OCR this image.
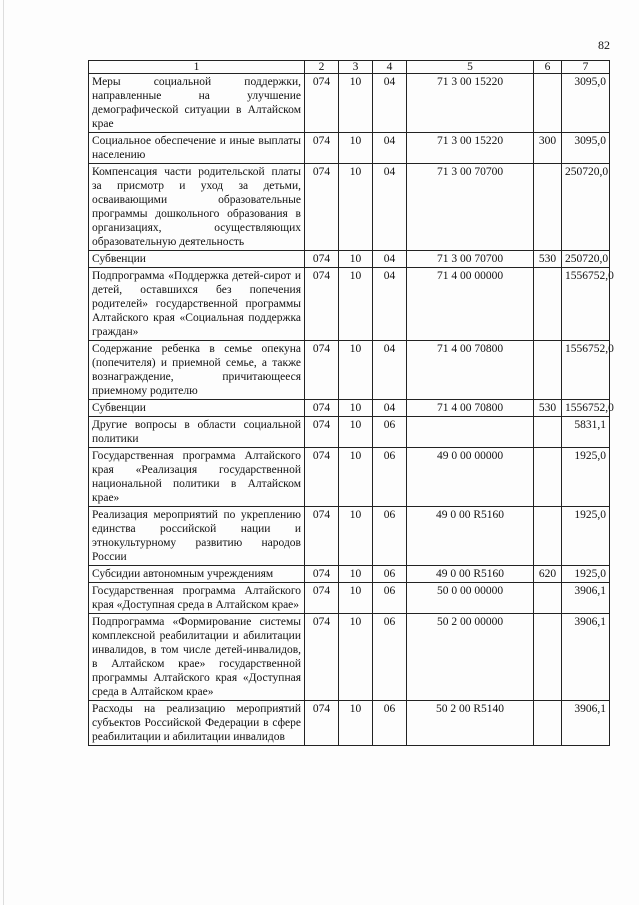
82
1	2	3	4	5	6	7
Меры социальной поддержки, направленные на улучшение демографической ситуации в Алтайском крае	074	10	04	71 3 00 15220		3095,0
Социальное обеспечение и иные выплаты населению	074	10	04	71 3 00 15220	300	3095,0
Компенсация части родительской платы за присмотр и уход за детьми, осваивающими образовательные программы дошкольного образования в организациях, осуществляющих образовательную деятельность	074	10	04	71 3 00 70700		250720,0
Субвенции	074	10	04	71 3 00 70700	530	250720,0
Подпрограмма «Поддержка детей-сирот и детей, оставшихся без попечения родителей» государственной программы Алтайского края «Социальная поддержка граждан»	074	10	04	71 4 00 00000		1556752,0
Содержание ребенка в семье опекуна (попечителя) и приемной семье, а также вознаграждение, причитающееся приемному родителю	074	10	04	71 4 00 70800		1556752,0
Субвенции	074	10	04	71 4 00 70800	530	1556752,0
Другие вопросы в области социальной политики	074	10	06			5831,1
Государственная программа Алтайского края «Реализация государственной национальной политики в Алтайском крае»	074	10	06	49 0 00 00000		1925,0
Реализация мероприятий по укреплению единства российской нации и этнокультурному развитию народов России	074	10	06	49 0 00 R5160		1925,0
Субсидии автономным учреждениям	074	10	06	49 0 00 R5160	620	1925,0
Государственная программа Алтайского края «Доступная среда в Алтайском крае»	074	10	06	50 0 00 00000		3906,1
Подпрограмма «Формирование системы комплексной реабилитации и абилитации инвалидов, в том числе детей-инвалидов, в Алтайском крае» государственной программы Алтайского края «Доступная среда в Алтайском крае»	074	10	06	50 2 00 00000		3906,1
Расходы на реализацию мероприятий субъектов Российской Федерации в сфере реабилитации и абилитации инвалидов	074	10	06	50 2 00 R5140		3906,1
